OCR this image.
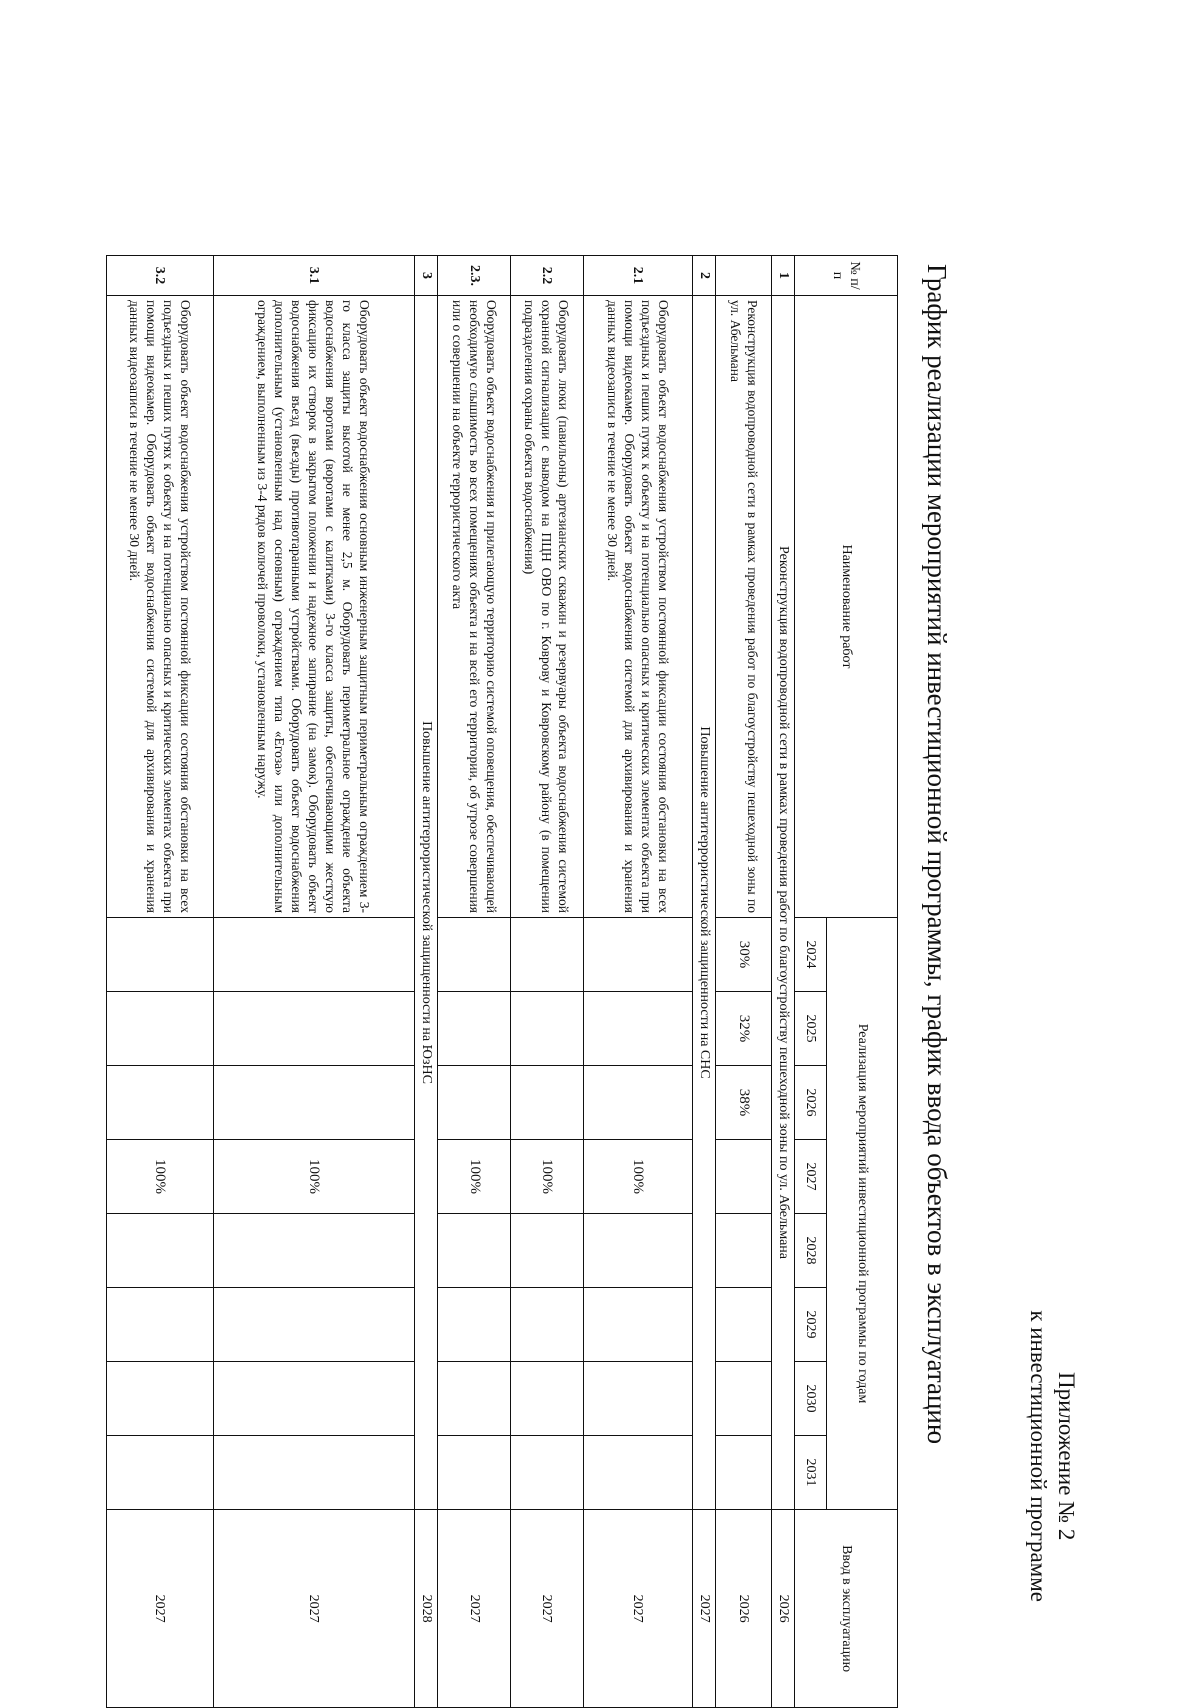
Приложение № 2
к инвестиционной программе
График реализации мероприятий инвестиционной программы, график ввода объектов в эксплуатацию
№ п/п	Наименование работ	Реализация мероприятий инвестиционной программы по годам								Ввод в эксплуатацию
		2024	2025	2026	2027	2028	2029	2030	2031	
1	Реконструкция водопроводной сети в рамках проведения работ по благоустройству пешеходной зоны по ул. Абельмана									2026
	Реконструкция водопроводной сети в рамках проведения работ по благоустройству пешеходной зоны по ул. Абельмана	30%	32%	38%						2026
2	Повышение антитеррористической защищенности на СНС									2027
2.1	Оборудовать объект водоснабжения устройством постоянной фиксации состояния обстановки на всех подъездных и пеших путях к объекту и на потенциально опасных и критических элементах объекта при помощи видеокамер. Оборудовать объект водоснабжения системой для архивирования и хранения данных видеозаписи в течение не менее 30 дней.				100%					2027
2.2	Оборудовать люки (павильоны) артезианских скважин и резервуары объекта водоснабжения системой охранной сигнализации с выводом на ПЦН ОВО по г. Коврову и Ковровскому району (в помещении подразделения охраны объекта водоснабжения)				100%					2027
2.3.	Оборудовать объект водоснабжения и прилегающую территорию системой оповещения, обеспечивающей необходимую слышимость во всех помещениях объекта и на всей его территории, об угрозе совершения или о совершении на объекте террористического акта				100%					2027
3	Повышение антитеррористической защищенности на ЮзНС									2028
3.1	Оборудовать объект водоснабжения основным инженерным защитным периметральным ограждением 3-го класса защиты высотой не менее 2,5 м. Оборудовать периметральное ограждение объекта водоснабжения воротами (воротами с калитками) 3-го класса защиты, обеспечивающими жесткую фиксацию их створок в закрытом положении и надежное запирание (на замок). Оборудовать объект водоснабжения въезд (въезды) противотаранными устройствами. Оборудовать объект водоснабжения дополнительным (установленным над основным) ограждением типа «Егоза» или дополнительным ограждением, выполненным из 3-4 рядов колючей проволоки, установленным наружу.				100%					2027
3.2	Оборудовать объект водоснабжения устройством постоянной фиксации состояния обстановки на всех подъездных и пеших путях к объекту и на потенциально опасных и критических элементах объекта при помощи видеокамер. Оборудовать объект водоснабжения системой для архивирования и хранения данных видеозаписи в течение не менее 30 дней.				100%					2027
